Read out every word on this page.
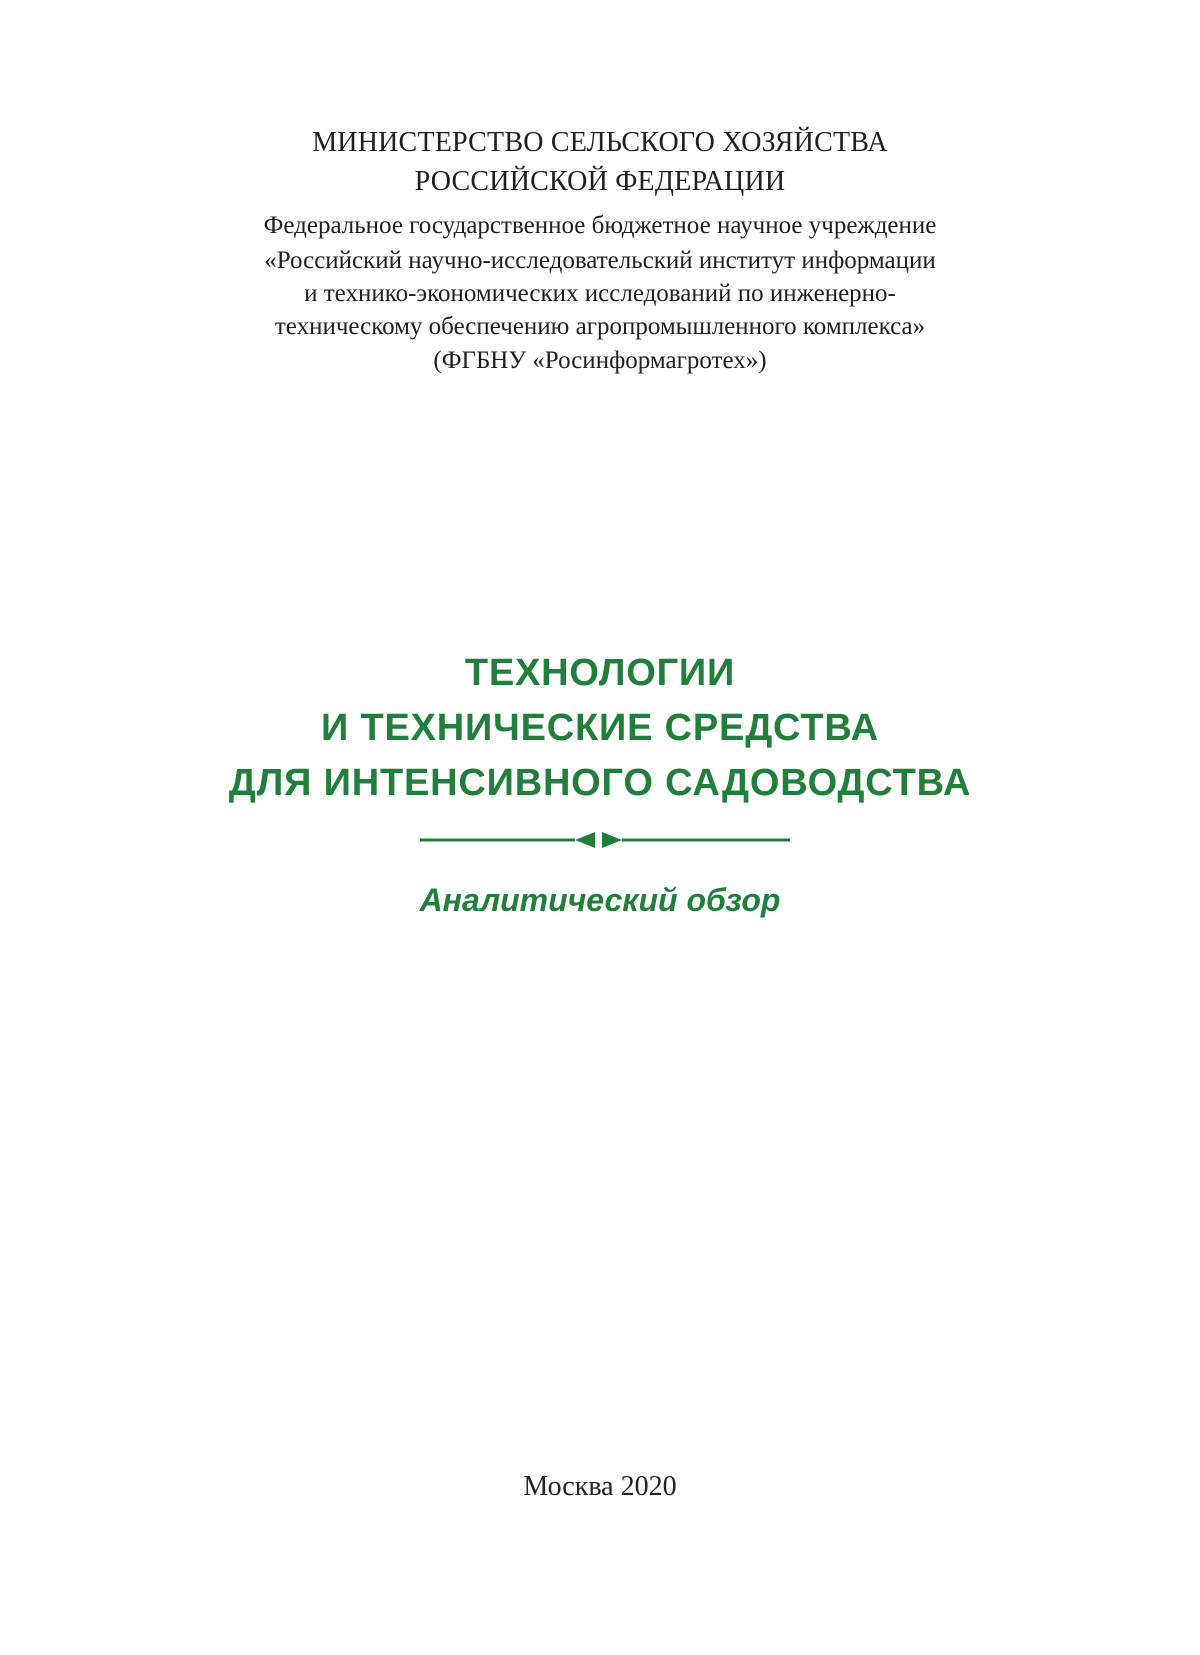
МИНИСТЕРСТВО СЕЛЬСКОГО ХОЗЯЙСТВА
РОССИЙСКОЙ ФЕДЕРАЦИИ
Федеральное государственное бюджетное научное учреждение
«Российский научно-исследовательский институт информации
и технико-экономических исследований по инженерно-
техническому обеспечению агропромышленного комплекса»
(ФГБНУ «Росинформагротех»)
ТЕХНОЛОГИИ
И ТЕХНИЧЕСКИЕ СРЕДСТВА
ДЛЯ ИНТЕНСИВНОГО САДОВОДСТВА
Аналитический обзор
Москва 2020
